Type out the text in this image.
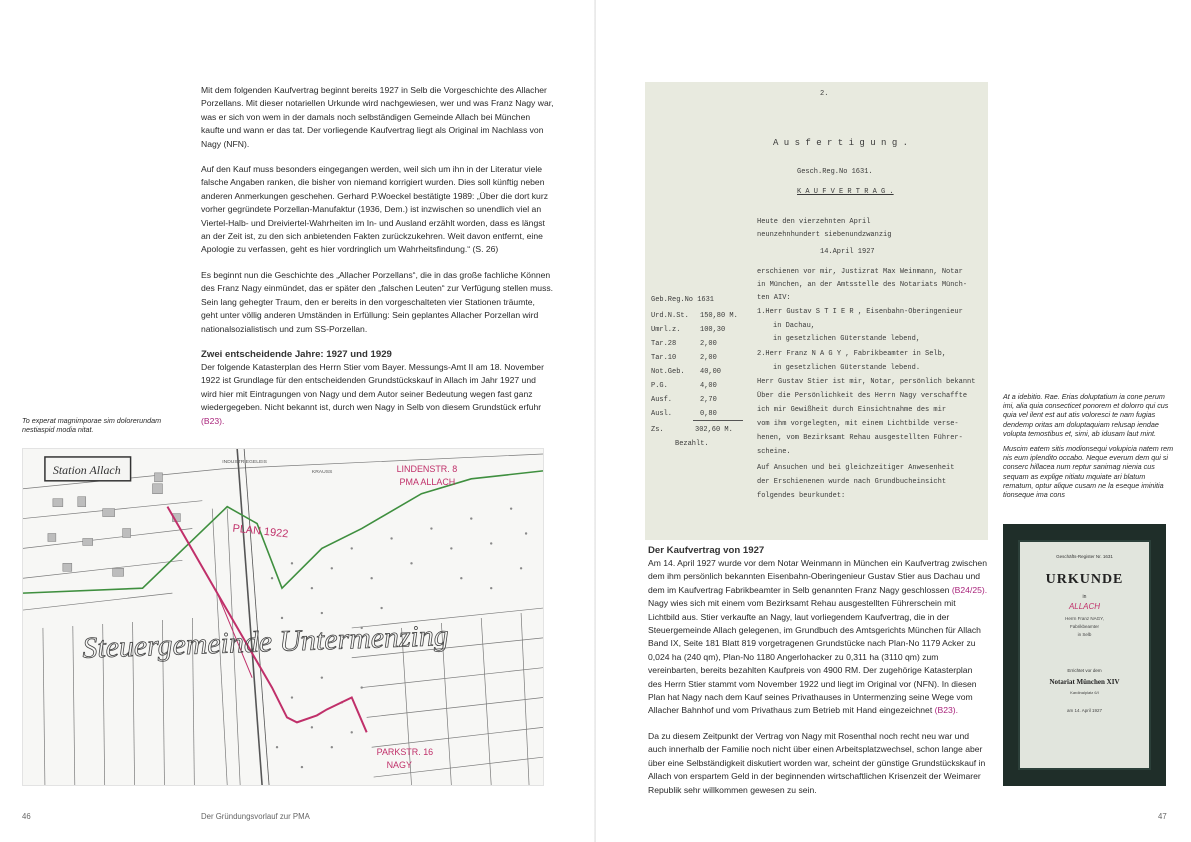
Mit dem folgenden Kaufvertrag beginnt bereits 1927 in Selb die Vorgeschichte des Allacher Porzellans. Mit dieser notariellen Urkunde wird nachgewiesen, wer und was Franz Nagy war, was er sich von wem in der damals noch selbständigen Gemeinde Allach bei München kaufte und wann er das tat. Der vorliegende Kaufvertrag liegt als Original im Nachlass von Nagy (NFN).

Auf den Kauf muss besonders eingegangen werden, weil sich um ihn in der Literatur viele falsche Angaben ranken, die bisher von niemand korrigiert wurden. Dies soll künftig neben anderen Anmerkungen geschehen. Gerhard P.Woeckel bestätigte 1989: „Über die dort kurz vorher gegründete Porzellan-Manufaktur (1936, Dem.) ist inzwischen so unendlich viel an Viertel-Halb- und Dreiviertel-Wahrheiten im In- und Ausland erzählt worden, dass es längst an der Zeit ist, zu den sich anbietenden Fakten zurückzukehren. Weit davon entfernt, eine Apologie zu verfassen, geht es hier vordringlich um Wahrheitsfindung.“ (S. 26)

Es beginnt nun die Geschichte des „Allacher Porzellans“, die in das große fachliche Können des Franz Nagy einmündet, das er später den „falschen Leuten“ zur Verfügung stellen muss. Sein lang gehegter Traum, den er bereits in den vorgeschalteten vier Stationen träumte, geht unter völlig anderen Umständen in Erfüllung: Sein geplantes Allacher Porzellan wird nationalsozialistisch und zum SS-Porzellan.

Zwei entscheidende Jahre: 1927 und 1929

Der folgende Katasterplan des Herrn Stier vom Bayer. Messungs-Amt II am 18. November 1922 ist Grundlage für den entscheidenden Grundstückskauf in Allach im Jahr 1927 und wird hier mit Eintragungen von Nagy und dem Autor seiner Bedeutung wegen fast ganz wiedergegeben. Nicht bekannt ist, durch wen Nagy in Selb von diesem Grundstück erfuhr (B23).

To experat magnimporae sim dolorerundam nestiaspid modia nitat.
Station Allach
PLAN 1922
LINDENSTR. 8
PMA ALLACH
PARKSTR. 16
NAGY
Steuergemeinde Untermenzing
INDUSTRIEGELEIS
KRAUSS
46	Der Gründungsvorlauf zur PMA
2.
A u s f e r t i g u n g .
Gesch.Reg.No 1631.
K A U F V E R T R A G .
Heute den vierzehnten April
neunzehnhundert siebenundzwanzig
14.April 1927
erschienen vor mir, Justizrat Max Weinmann, Notar
in München, an der Amtsstelle des Notariats Münch-
ten AIV:
1.Herr Gustav S T I E R , Eisenbahn-Oberingenieur
in Dachau,
in gesetzlichen Güterstande lebend,
2.Herr Franz N A G Y , Fabrikbeamter in Selb,
in gesetzlichen Güterstande lebend.
Herr Gustav Stier ist mir, Notar, persönlich bekannt
Über die Persönlichkeit des Herrn Nagy verschaffte
ich mir Gewißheit durch Einsichtnahme des mir
vom ihm vorgelegten, mit einem Lichtbilde verse-
henen, vom Bezirksamt Rehau ausgestellten Führer-
scheine.
Auf Ansuchen und bei gleichzeitiger Anwesenheit
der Erschienenen wurde nach Grundbucheinsicht
folgendes beurkundet:
Geb.Reg.No 1631
Urd.N.St. 150,80 M.
Umrl.z.	100,30
Tar.28	2,00
Tar.10	2,00
Not.Geb. 40,00
P.G.	4,00
Ausf.	2,70
Ausl.	0,80
Zs.	302,60 M.
Bezahlt.

At a idebitio. Rae. Erias doluptatium ia cone perum imi, alia quia consecticet ponorem et dolorro qui cus quia vel ilent est aut atis voloresci te nam fugias dendemp oritas am doluptaquiam relusap iendae volupta temostibus et, simi, ab idusam laut mint.

Muscim eatem sitis modionsequi volupicia natem rem nis eum iplendito occabo. Neque everum dem qui si conserc hillacea num reptur sanimag nienia cus sequam as explige nitiatu mquiate ari blatum rematum, optur alique cusam ne la eseque iminitia tionseque ima cons

Der Kaufvertrag von 1927

Am 14. April 1927 wurde vor dem Notar Weinmann in München ein Kaufvertrag zwischen dem ihm persönlich bekannten Eisenbahn-Oberingenieur Gustav Stier aus Dachau und dem im Kaufvertrag Fabrikbeamter in Selb genannten Franz Nagy geschlossen (B24/25). Nagy wies sich mit einem vom Bezirksamt Rehau ausgestellten Führerschein mit Lichtbild aus. Stier verkaufte an Nagy, laut vorliegendem Kaufvertrag, die in der Steuergemeinde Allach gelegenen, im Grundbuch des Amtsgerichts München für Allach Band IX, Seite 181 Blatt 819 vorgetragenen Grundstücke nach Plan-No 1179 Acker zu 0,024 ha (240 qm), Plan-No 1180 Angerlohacker zu 0,311 ha (3110 qm) zum vereinbarten, bereits bezahlten Kaufpreis von 4900 RM. Der zugehörige Katasterplan des Herrn Stier stammt vom November 1922 und liegt im Original vor (NFN). In diesen Plan hat Nagy nach dem Kauf seines Privathauses in Untermenzing seine Wege vom Allacher Bahnhof und vom Privathaus zum Betrieb mit Hand eingezeichnet (B23).

Da zu diesem Zeitpunkt der Vertrag von Nagy mit Rosenthal noch recht neu war und auch innerhalb der Familie noch nicht über einen Arbeitsplatzwechsel, schon lange aber über eine Selbständigkeit diskutiert worden war, scheint der günstige Grundstückskauf in Allach von erspartem Geld in der beginnenden wirtschaftlichen Krisenzeit der Weimarer Republik sehr willkommen gewesen zu sein.

Geschäfts-Register Nr. 1631
URKUNDE
in
ALLACH
Herrn Franz NAGY,
Fabrikbeamter
in Selb
Errichtet vor dem
Notariat München XIV
Kardinalplatz 6/I
am 14. April 1927
47
